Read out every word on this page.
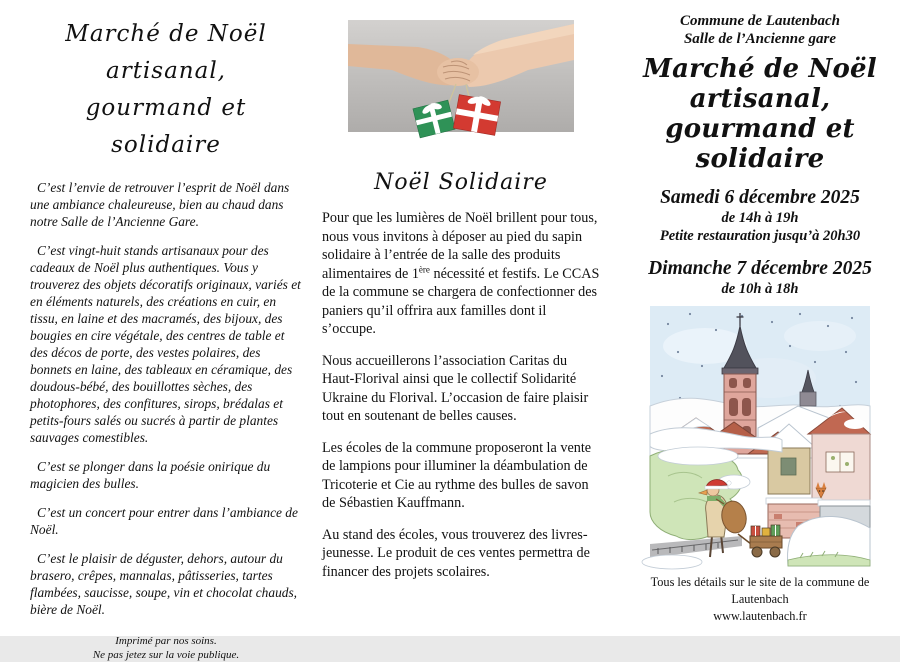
Marché de Noël artisanal,
gourmand et solidaire

C’est l’envie de retrouver l’esprit de Noël dans une ambiance chaleureuse, bien au chaud dans notre Salle de l’Ancienne Gare.

C’est vingt-huit stands artisanaux pour des cadeaux de Noël plus authentiques. Vous y trouverez des objets décoratifs originaux, variés et en éléments naturels, des créations en cuir, en tissu, en laine et des macramés, des bijoux, des bougies en cire végétale, des centres de table et des décos de porte, des vestes polaires, des bonnets en laine, des tableaux en céramique, des doudous-bébé, des bouillottes sèches, des photophores, des confitures, sirops, brédalas et petits-fours salés ou sucrés à partir de plantes sauvages comestibles.

C’est se plonger dans la poésie onirique du magicien des bulles.

C’est un concert pour entrer dans l’ambiance de Noël.

C’est le plaisir de déguster, dehors, autour du brasero, crêpes, mannalas, pâtisseries, tartes flambées, saucisse, soupe, vin et chocolat chauds, bière de Noël.

Imprimé par nos soins.
Ne pas jetez sur la voie publique.
Noël Solidaire

Pour que les lumières de Noël brillent pour tous, nous vous invitons à déposer au pied du sapin solidaire à l’entrée de la salle des produits alimentaires de 1ère nécessité et festifs. Le CCAS de la commune se chargera de confectionner des paniers qu’il offrira aux familles dont il s’occupe.

Nous accueillerons l’association Caritas du Haut-Florival ainsi que le collectif Solidarité Ukraine du Florival. L’occasion de faire plaisir tout en soutenant de belles causes.

Les écoles de la commune proposeront la vente de lampions pour illuminer la déambulation de Tricoterie et Cie au rythme des bulles de savon de Sébastien Kauffmann.

Au stand des écoles, vous trouverez des livres-jeunesse. Le produit de ces ventes permettra de financer des projets scolaires.

Commune de Lautenbach
Salle de l’Ancienne gare
Marché de Noël
artisanal,
gourmand et
solidaire
Samedi 6 décembre 2025
de 14h à 19h
Petite restauration jusqu’à 20h30
Dimanche 7 décembre 2025
de 10h à 18h
Tous les détails sur le site de la commune de Lautenbach
www.lautenbach.fr
